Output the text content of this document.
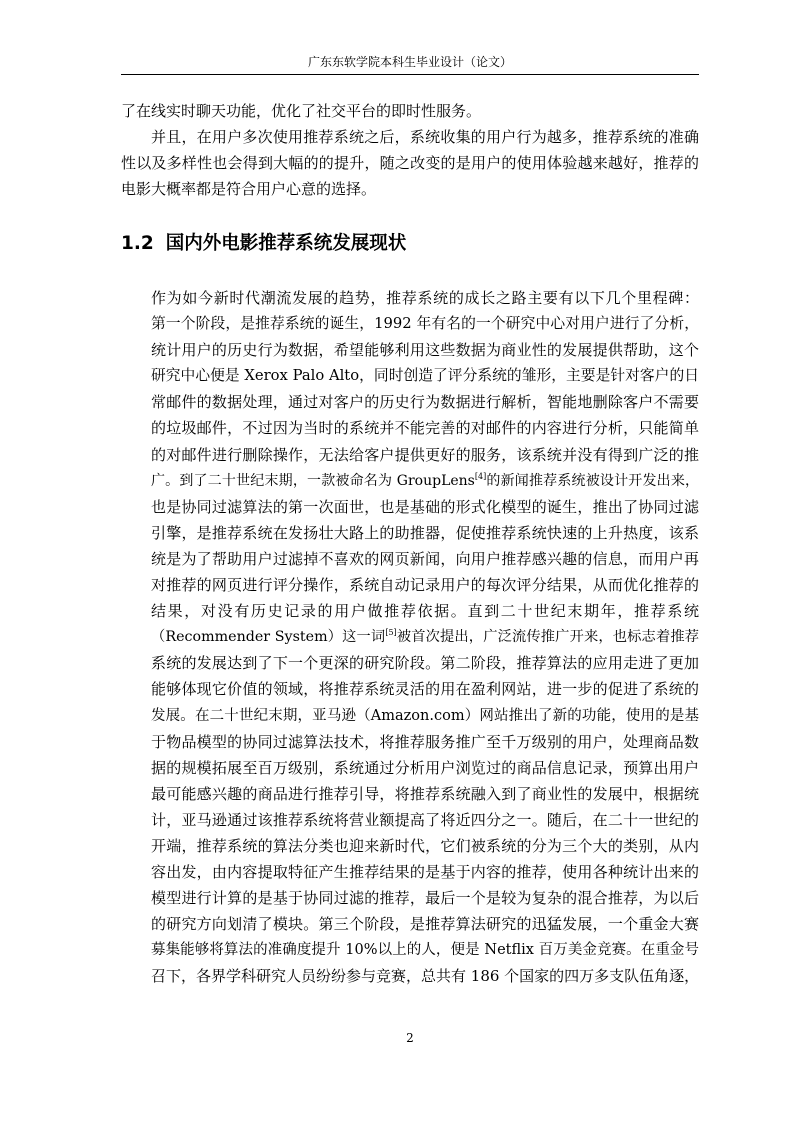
广东东软学院本科生毕业设计（论文）

了在线实时聊天功能，优化了社交平台的即时性服务。

并且，在用户多次使用推荐系统之后，系统收集的用户行为越多，推荐系统的准确性以及多样性也会得到大幅的的提升，随之改变的是用户的使用体验越来越好，推荐的电影大概率都是符合用户心意的选择。

1.2 国内外电影推荐系统发展现状
作为如今新时代潮流发展的趋势，推荐系统的成长之路主要有以下几个里程碑：
第一个阶段，是推荐系统的诞生，1992 年有名的一个研究中心对用户进行了分析，
统计用户的历史行为数据，希望能够利用这些数据为商业性的发展提供帮助，这个
研究中心便是 Xerox Palo Alto，同时创造了评分系统的雏形，主要是针对客户的日
常邮件的数据处理，通过对客户的历史行为数据进行解析，智能地删除客户不需要
的垃圾邮件，不过因为当时的系统并不能完善的对邮件的内容进行分析，只能简单
的对邮件进行删除操作，无法给客户提供更好的服务，该系统并没有得到广泛的推
广。到了二十世纪末期，一款被命名为 GroupLens[4]的新闻推荐系统被设计开发出来，
也是协同过滤算法的第一次面世，也是基础的形式化模型的诞生，推出了协同过滤
引擎，是推荐系统在发扬壮大路上的助推器，促使推荐系统快速的上升热度，该系
统是为了帮助用户过滤掉不喜欢的网页新闻，向用户推荐感兴趣的信息，而用户再
对推荐的网页进行评分操作，系统自动记录用户的每次评分结果，从而优化推荐的
结果，对没有历史记录的用户做推荐依据。直到二十世纪末期年，推荐系统
（Recommender System）这一词[5]被首次提出，广泛流传推广开来，也标志着推荐
系统的发展达到了下一个更深的研究阶段。第二阶段，推荐算法的应用走进了更加
能够体现它价值的领域，将推荐系统灵活的用在盈利网站，进一步的促进了系统的
发展。在二十世纪末期，亚马逊（Amazon.com）网站推出了新的功能，使用的是基
于物品模型的协同过滤算法技术，将推荐服务推广至千万级别的用户，处理商品数
据的规模拓展至百万级别，系统通过分析用户浏览过的商品信息记录，预算出用户
最可能感兴趣的商品进行推荐引导，将推荐系统融入到了商业性的发展中，根据统
计，亚马逊通过该推荐系统将营业额提高了将近四分之一。随后，在二十一世纪的
开端，推荐系统的算法分类也迎来新时代，它们被系统的分为三个大的类别，从内
容出发，由内容提取特征产生推荐结果的是基于内容的推荐，使用各种统计出来的
模型进行计算的是基于协同过滤的推荐，最后一个是较为复杂的混合推荐，为以后
的研究方向划清了模块。第三个阶段，是推荐算法研究的迅猛发展，一个重金大赛
募集能够将算法的准确度提升 10%以上的人，便是 Netflix 百万美金竞赛。在重金号
召下，各界学科研究人员纷纷参与竞赛，总共有 186 个国家的四万多支队伍角逐，
2
